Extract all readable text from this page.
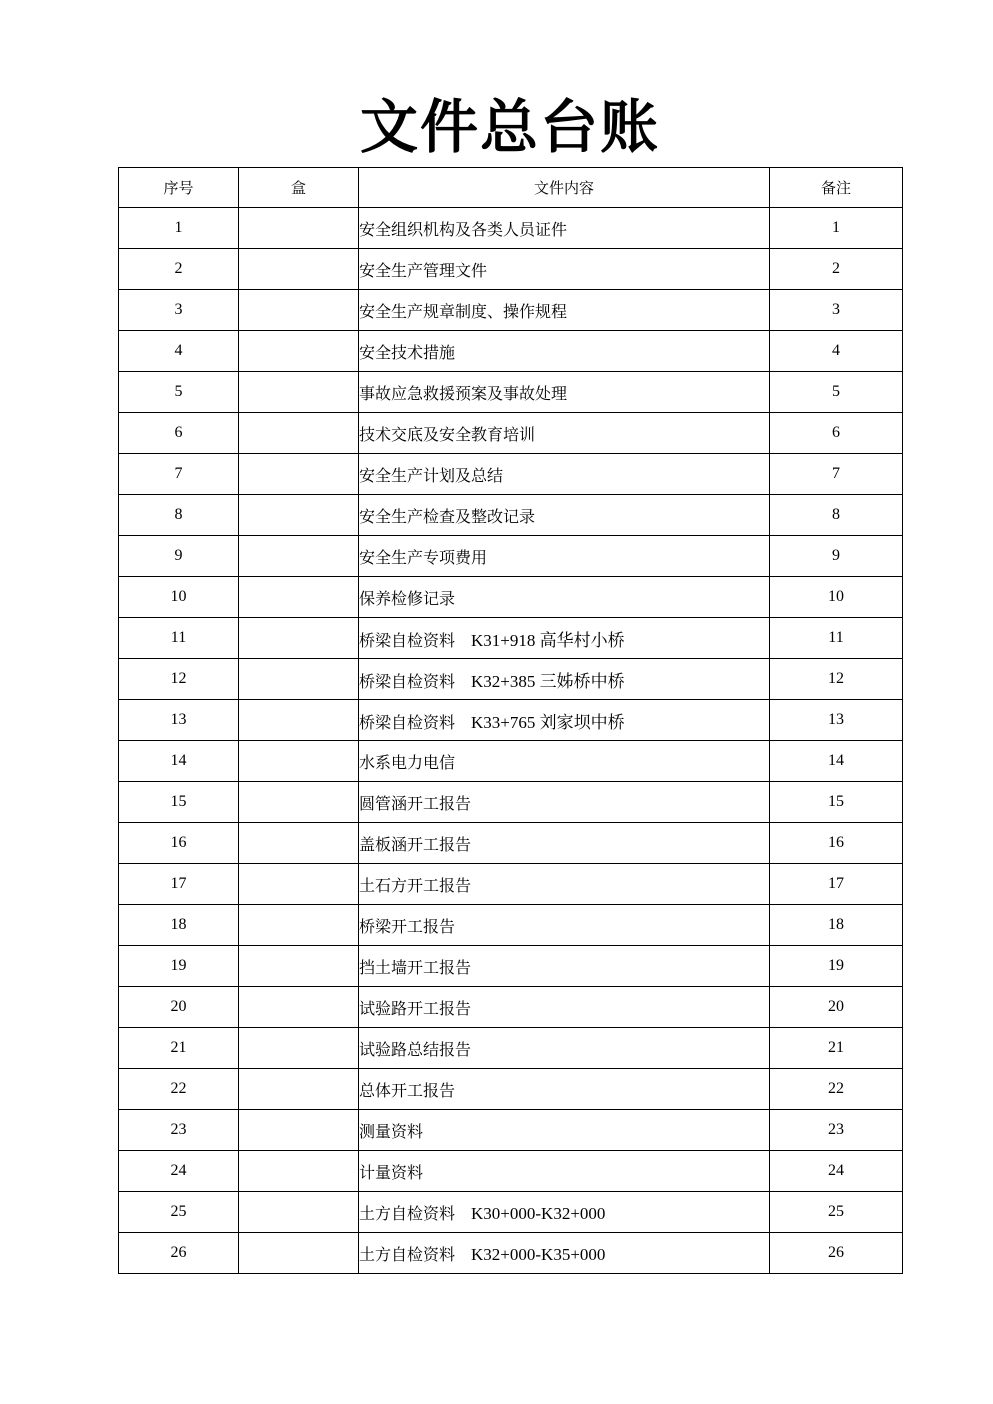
文件总台账
序号	盒	文件内容	备注
1		安全组织机构及各类人员证件	1
2		安全生产管理文件	2
3		安全生产规章制度、操作规程	3
4		安全技术措施	4
5		事故应急救援预案及事故处理	5
6		技术交底及安全教育培训	6
7		安全生产计划及总结	7
8		安全生产检查及整改记录	8
9		安全生产专项费用	9
10		保养检修记录	10
11		桥梁自检资料 K31+918 高华村小桥	11
12		桥梁自检资料 K32+385 三姊桥中桥	12
13		桥梁自检资料 K33+765 刘家坝中桥	13
14		水系电力电信	14
15		圆管涵开工报告	15
16		盖板涵开工报告	16
17		土石方开工报告	17
18		桥梁开工报告	18
19		挡土墙开工报告	19
20		试验路开工报告	20
21		试验路总结报告	21
22		总体开工报告	22
23		测量资料	23
24		计量资料	24
25		土方自检资料 K30+000-K32+000	25
26		土方自检资料 K32+000-K35+000	26
